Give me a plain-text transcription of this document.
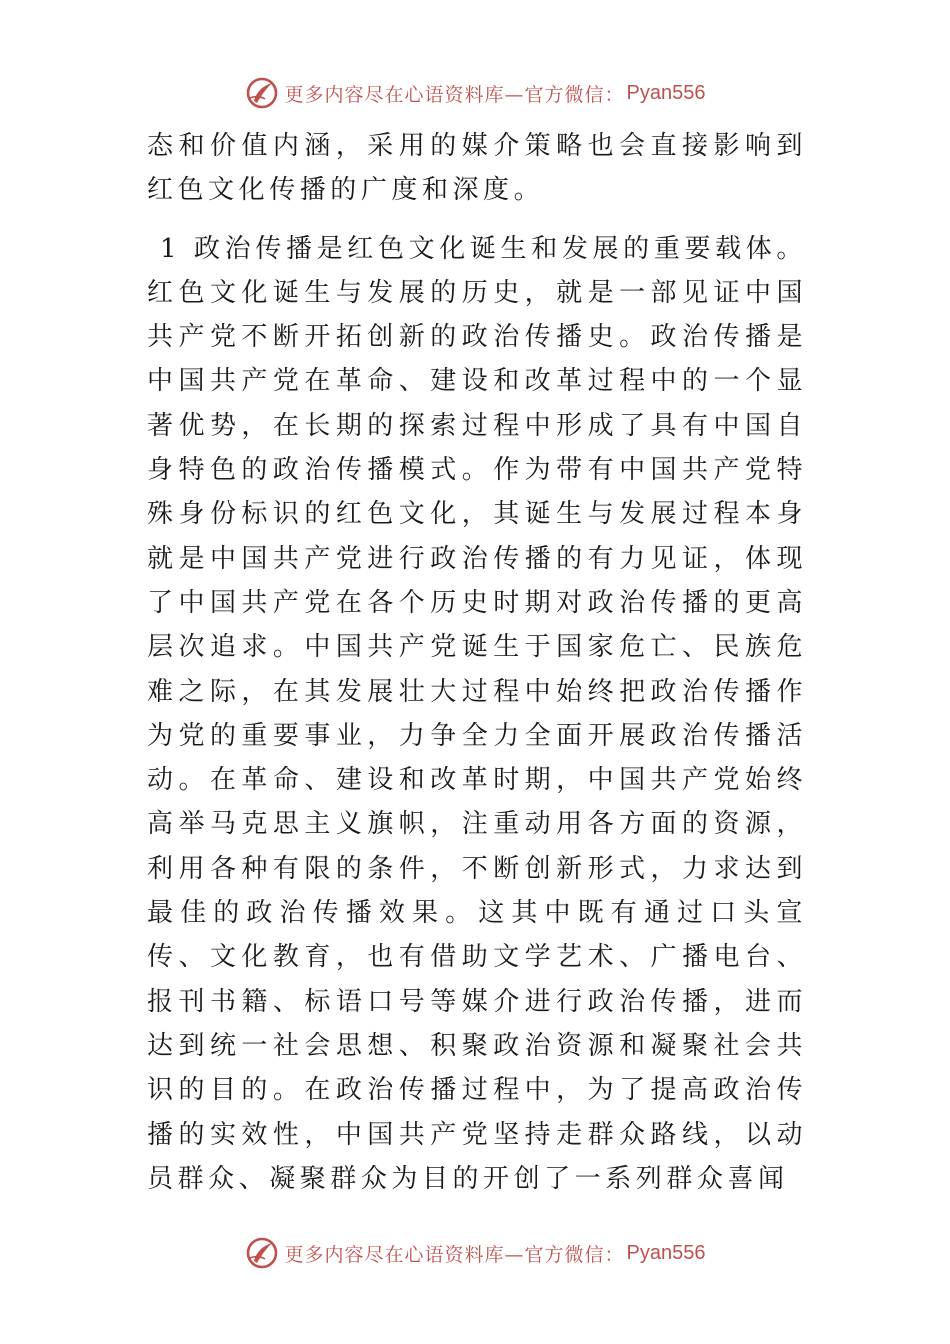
更多内容尽在心语资料库—官方微信： Pyan556

态和价值内涵，采用的媒介策略也会直接影响到红色文化传播的广度和深度。

1 政治传播是红色文化诞生和发展的重要载体。红色文化诞生与发展的历史，就是一部见证中国共产党不断开拓创新的政治传播史。政治传播是中国共产党在革命、建设和改革过程中的一个显著优势，在长期的探索过程中形成了具有中国自身特色的政治传播模式。作为带有中国共产党特殊身份标识的红色文化，其诞生与发展过程本身就是中国共产党进行政治传播的有力见证，体现了中国共产党在各个历史时期对政治传播的更高层次追求。中国共产党诞生于国家危亡、民族危难之际，在其发展壮大过程中始终把政治传播作为党的重要事业，力争全力全面开展政治传播活动。在革命、建设和改革时期，中国共产党始终高举马克思主义旗帜，注重动用各方面的资源，利用各种有限的条件，不断创新形式，力求达到最佳的政治传播效果。这其中既有通过口头宣传、文化教育，也有借助文学艺术、广播电台、报刊书籍、标语口号等媒介进行政治传播，进而达到统一社会思想、积聚政治资源和凝聚社会共识的目的。在政治传播过程中，为了提高政治传播的实效性，中国共产党坚持走群众路线，以动员群众、凝聚群众为目的开创了一系列群众喜闻

更多内容尽在心语资料库—官方微信： Pyan556
